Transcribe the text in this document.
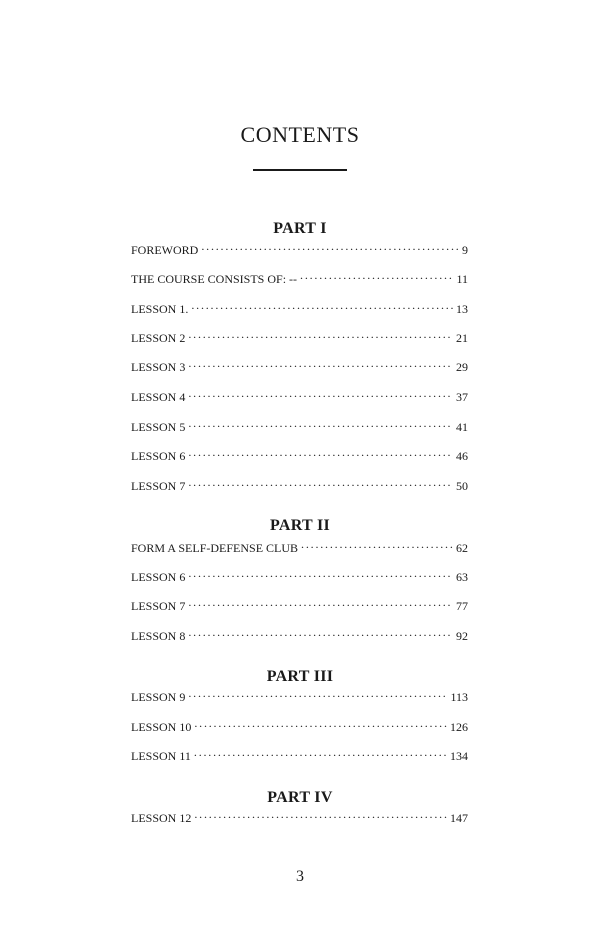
CONTENTS
PART I
FOREWORD . . .	9
THE COURSE CONSISTS OF: -- . . .	11
LESSON 1. . . .	13
LESSON 2 . . .	21
LESSON 3 . . .	29
LESSON 4 . . .	37
LESSON 5 . . .	41
LESSON 6 . . .	46
LESSON 7 . . .	50
PART II
FORM A SELF-DEFENSE CLUB . . .	62
LESSON 6 . . .	63
LESSON 7 . . .	77
LESSON 8 . . .	92
PART III
LESSON 9 . . .	113
LESSON 10 . . .	126
LESSON 11 . . .	134
PART IV
LESSON 12 . . .	147
3
